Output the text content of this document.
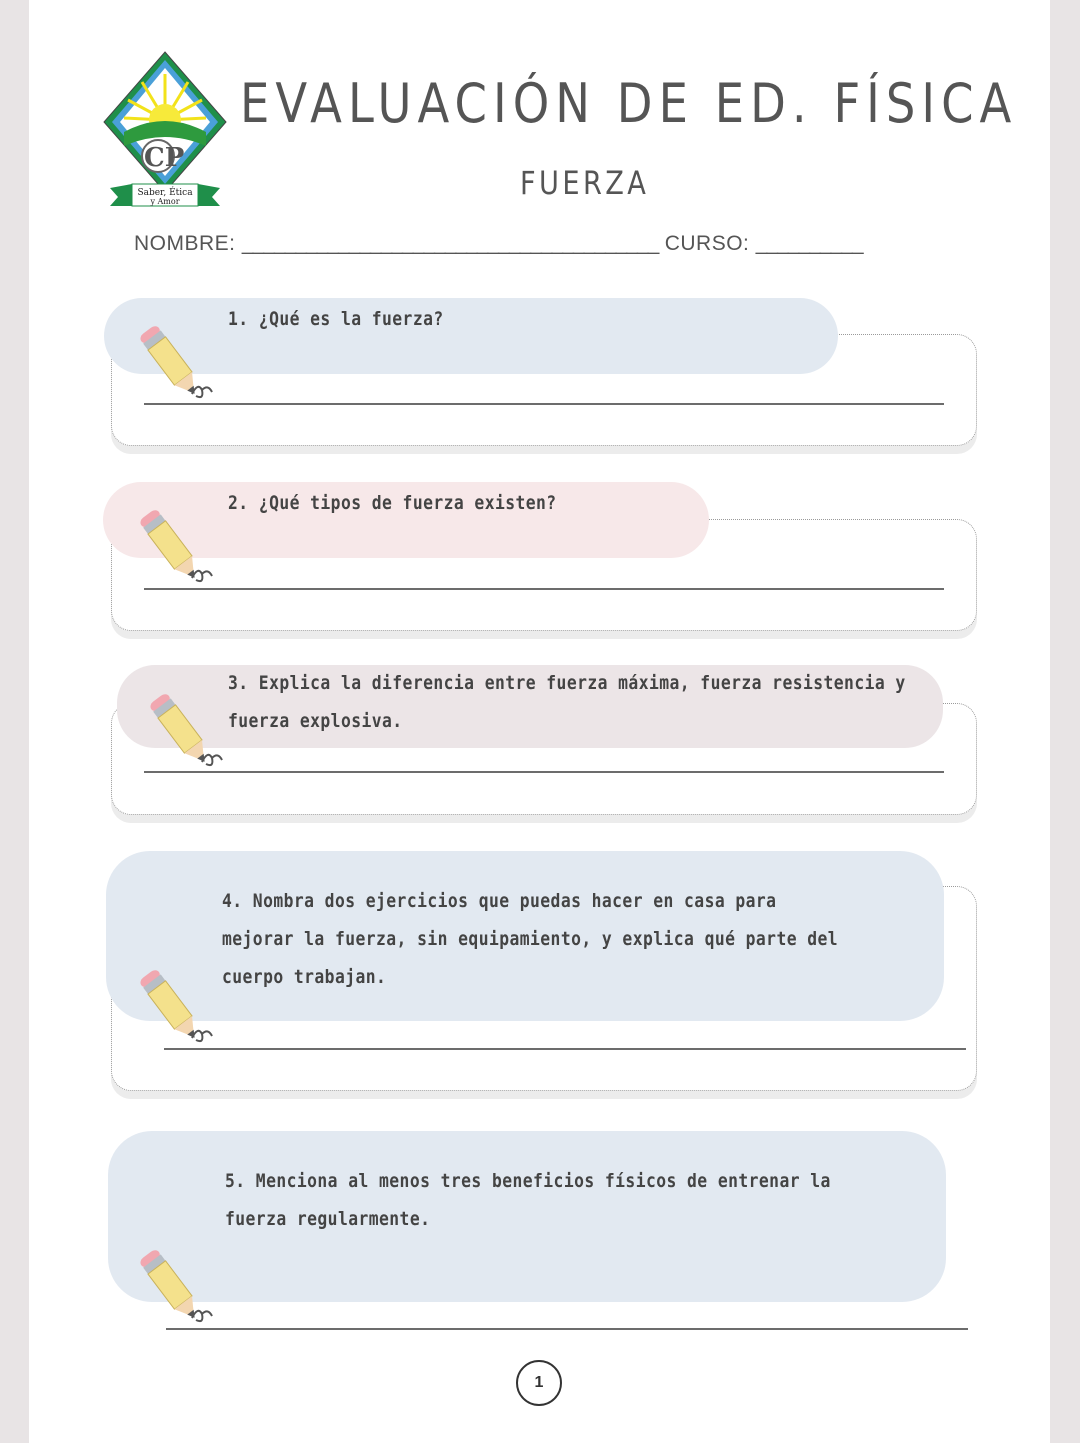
CP
Saber, Ética
y Amor
EVALUACIÓN DE ED. FÍSICA
FUERZA
NOMBRE: _______________________________________ CURSO: __________
1. ¿Qué es la fuerza?
2. ¿Qué tipos de fuerza existen?
3. Explica la diferencia entre fuerza máxima, fuerza resistencia y
fuerza explosiva.
4. Nombra dos ejercicios que puedas hacer en casa para
mejorar la fuerza, sin equipamiento, y explica qué parte del
cuerpo trabajan.
5. Menciona al menos tres beneficios físicos de entrenar la
fuerza regularmente.
1
